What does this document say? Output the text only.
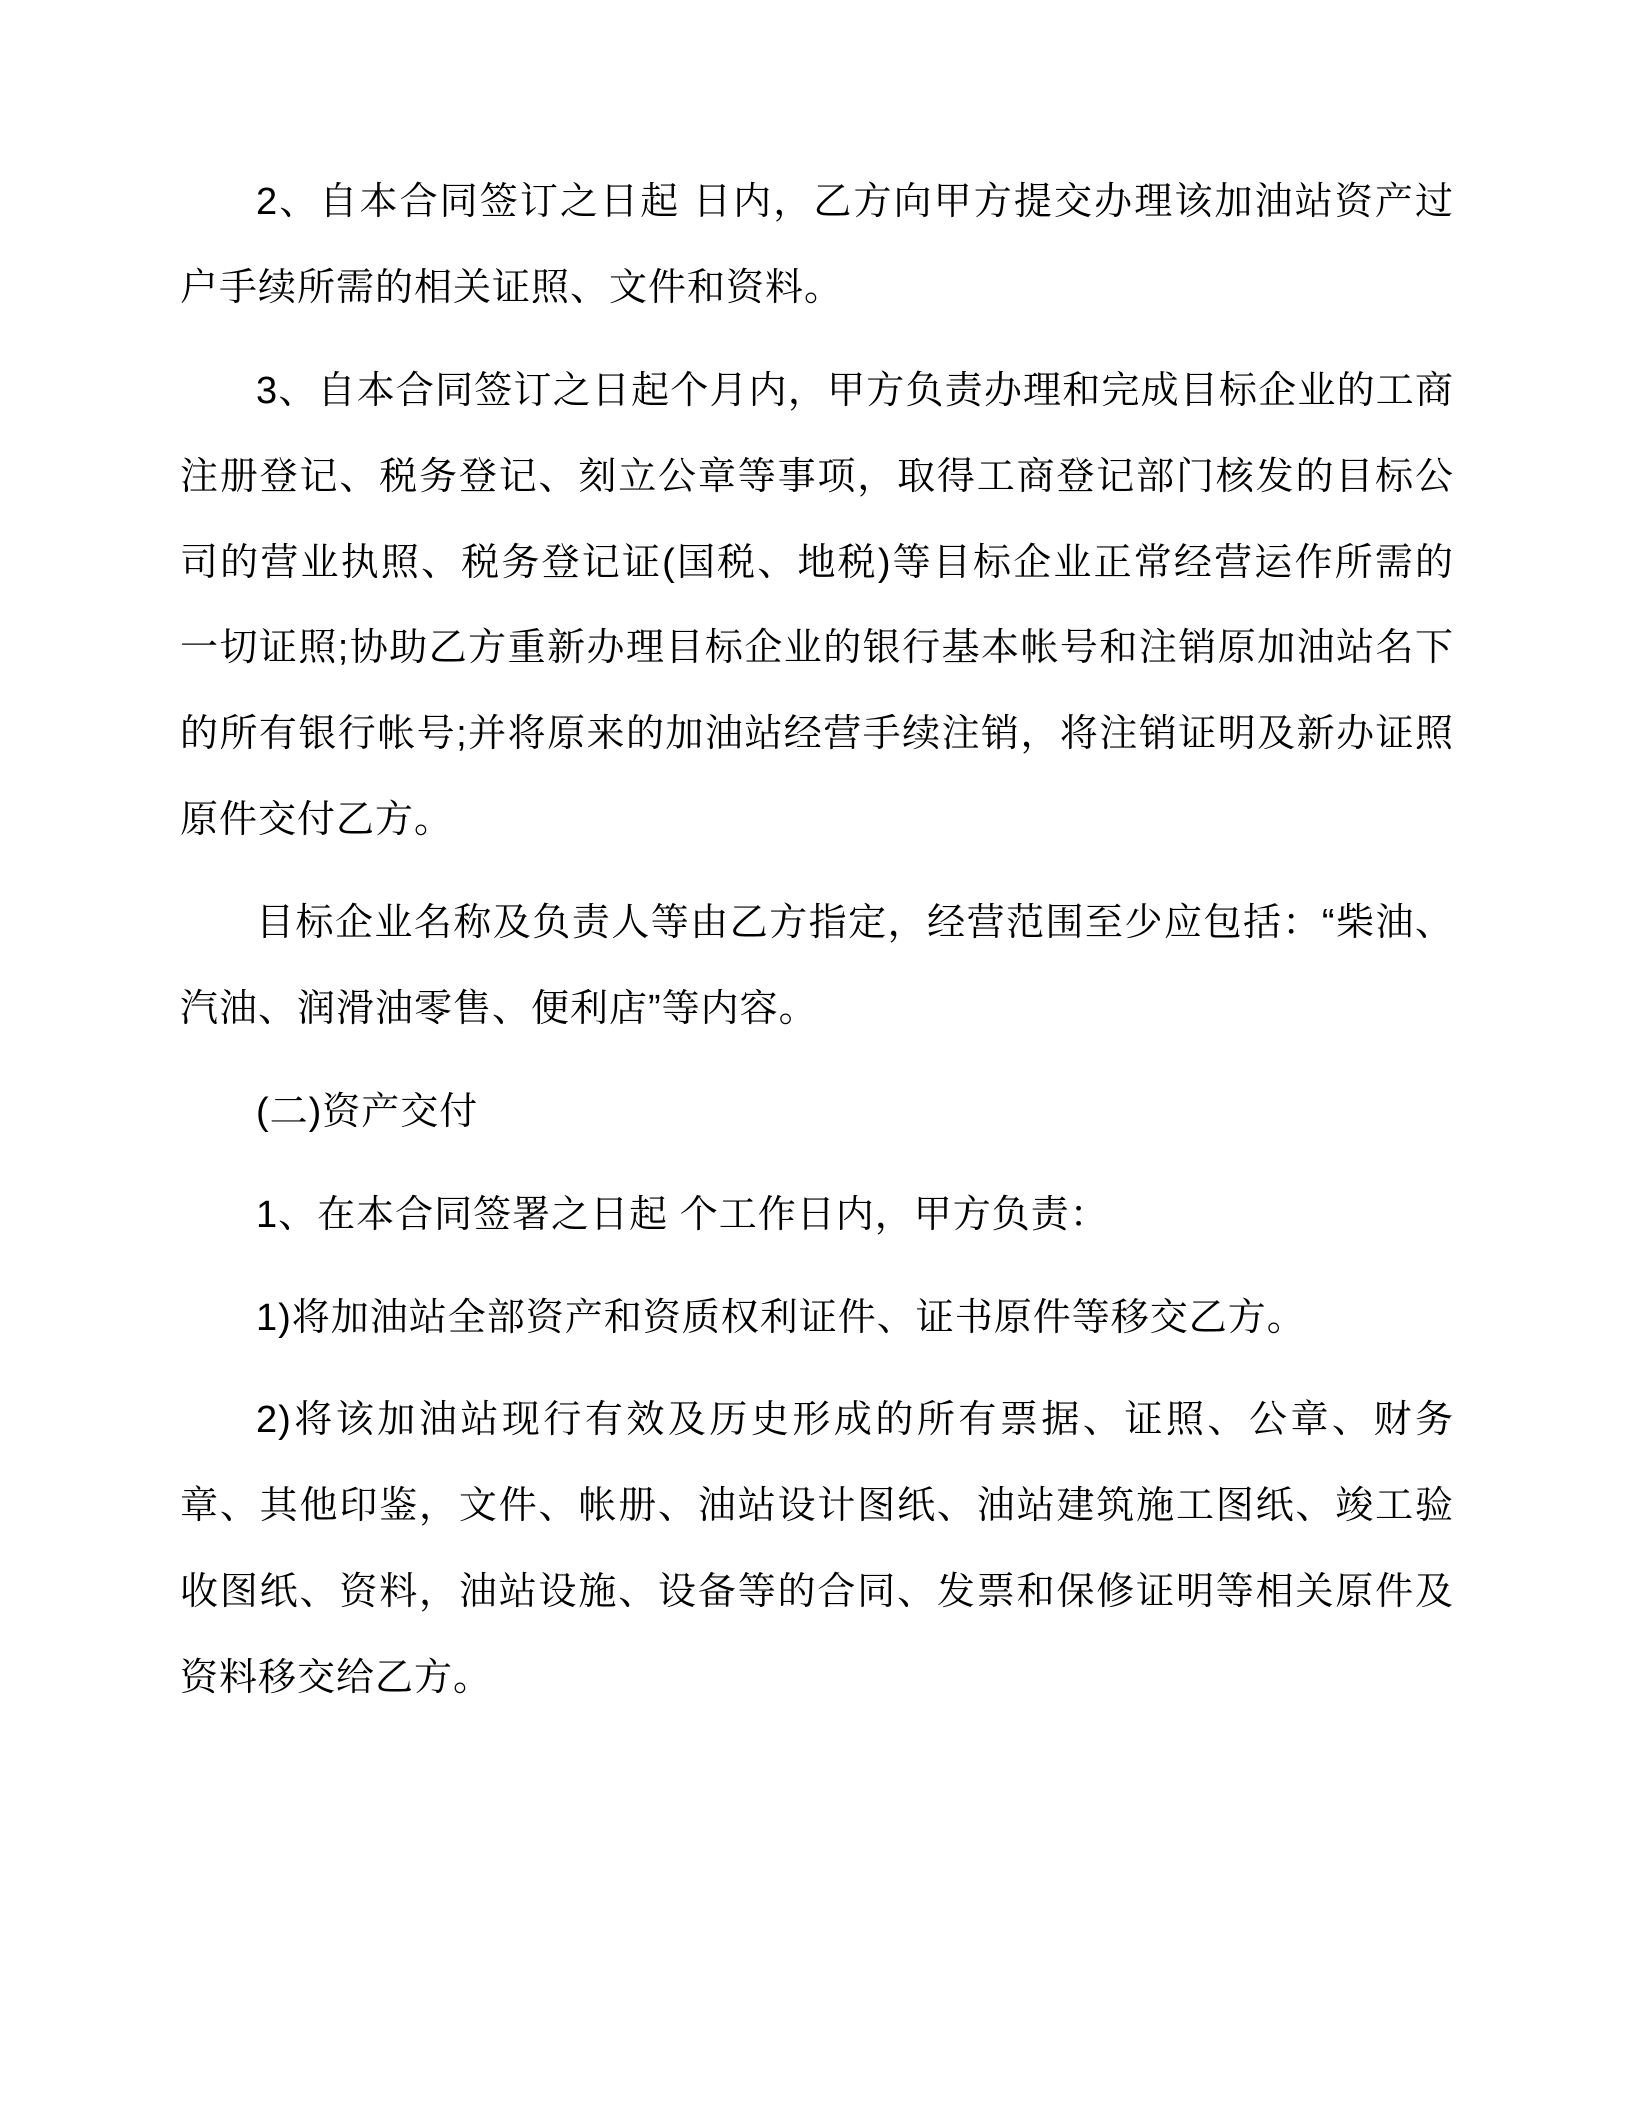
2、自本合同签订之日起 日内，乙方向甲方提交办理该加油站资产过户手续所需的相关证照、文件和资料。

3、自本合同签订之日起个月内，甲方负责办理和完成目标企业的工商注册登记、税务登记、刻立公章等事项，取得工商登记部门核发的目标公司的营业执照、税务登记证(国税、地税)等目标企业正常经营运作所需的一切证照;协助乙方重新办理目标企业的银行基本帐号和注销原加油站名下的所有银行帐号;并将原来的加油站经营手续注销，将注销证明及新办证照原件交付乙方。

目标企业名称及负责人等由乙方指定，经营范围至少应包括：“柴油、汽油、润滑油零售、便利店”等内容。

(二)资产交付

1、在本合同签署之日起 个工作日内，甲方负责：

1)将加油站全部资产和资质权利证件、证书原件等移交乙方。

2)将该加油站现行有效及历史形成的所有票据、证照、公章、财务章、其他印鉴，文件、帐册、油站设计图纸、油站建筑施工图纸、竣工验收图纸、资料，油站设施、设备等的合同、发票和保修证明等相关原件及资料移交给乙方。
